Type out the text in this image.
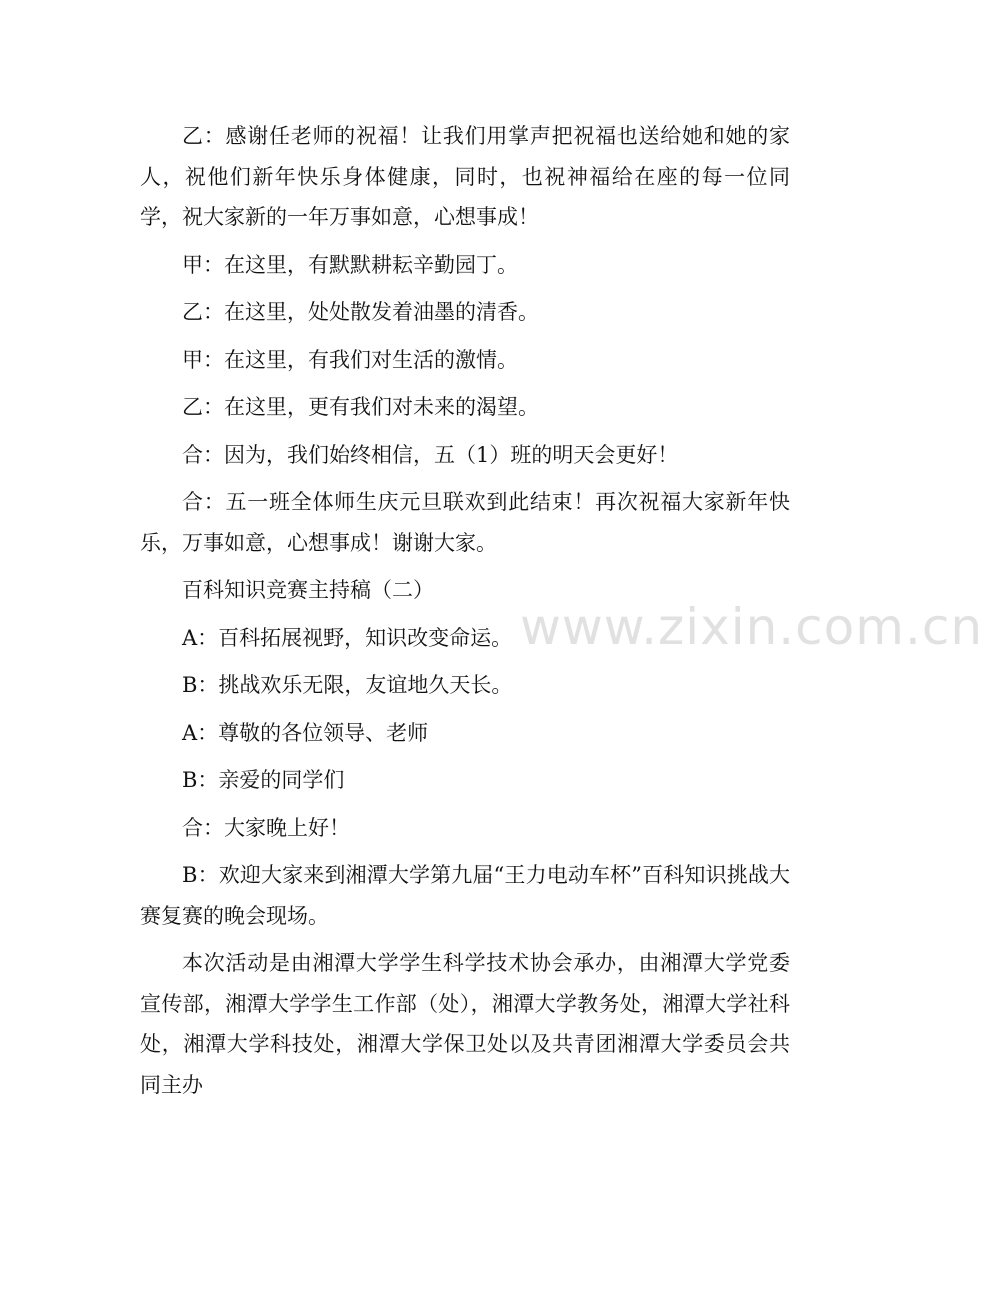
乙：感谢任老师的祝福！让我们用掌声把祝福也送给她和她的家人，祝他们新年快乐身体健康，同时，也祝神福给在座的每一位同学，祝大家新的一年万事如意，心想事成！

甲：在这里，有默默耕耘辛勤园丁。

乙：在这里，处处散发着油墨的清香。

甲：在这里，有我们对生活的激情。

乙：在这里，更有我们对未来的渴望。

合：因为，我们始终相信，五（1）班的明天会更好！

合：五一班全体师生庆元旦联欢到此结束！再次祝福大家新年快乐，万事如意，心想事成！谢谢大家。

百科知识竞赛主持稿（二）

A：百科拓展视野，知识改变命运。

B：挑战欢乐无限，友谊地久天长。

A：尊敬的各位领导、老师

B：亲爱的同学们

合：大家晚上好！

B：欢迎大家来到湘潭大学第九届“王力电动车杯”百科知识挑战大赛复赛的晚会现场。

本次活动是由湘潭大学学生科学技术协会承办，由湘潭大学党委宣传部，湘潭大学学生工作部（处），湘潭大学教务处，湘潭大学社科处，湘潭大学科技处，湘潭大学保卫处以及共青团湘潭大学委员会共同主办

www.zixin.com.cn
